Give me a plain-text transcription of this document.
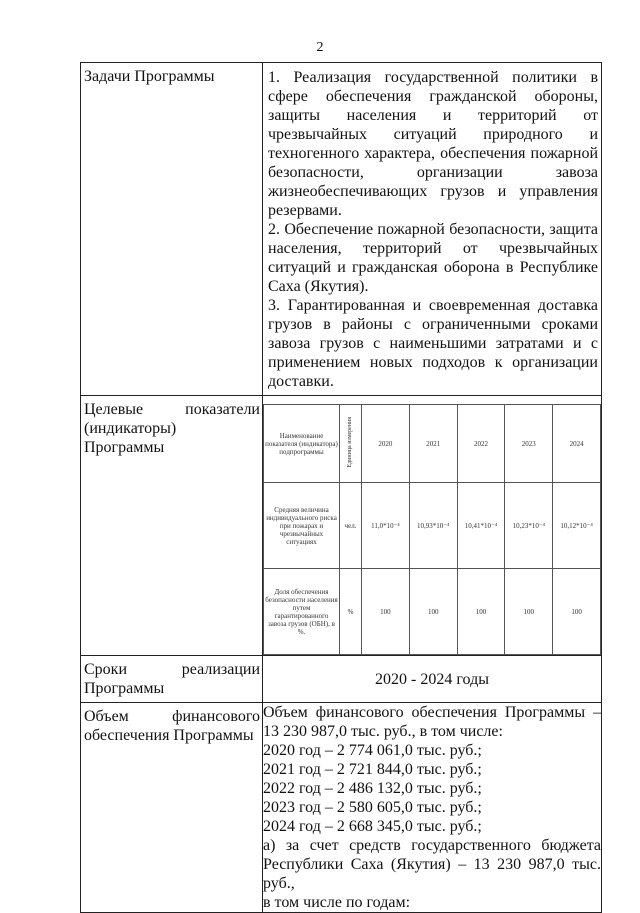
2
Задачи Программы	1. Реализация государственной политики в сфере обеспечения гражданской обороны, защиты населения и территорий от чрезвычайных ситуаций природного и техногенного характера, обеспечения пожарной безопасности, организации завоза жизнеобеспечивающих грузов и управления резервами.

2. Обеспечение пожарной безопасности, защита населения, территорий от чрезвычайных ситуаций и гражданская оборона в Республике Саха (Якутия).

3. Гарантированная и своевременная доставка грузов в районы с ограниченными сроками завоза грузов с наименьшими затратами и с применением новых подходов к организации доставки.

Целевые показатели
(индикаторы) Программы

Наименование показателя (индикатора) подпрограммы	Единица измерения	2020	2021	2022	2023	2024
Средняя величина индивидуального риска при пожарах и чрезвычайных ситуациях	чел.	11,0*10⁻⁴	10,93*10⁻⁴	10,41*10⁻⁴	10,23*10⁻⁴	10,12*10⁻⁴
Доля обеспечения безопасности населения путем гарантированного завоза грузов (ОБН), в %.	%	100	100	100	100	100

Сроки реализации
Программы
	2020 - 2024 годы

Объем финансового
обеспечения Программы

Объем финансового обеспечения Программы –
13 230 987,0 тыс. руб., в том числе:
2020 год – 2 774 061,0 тыс. руб.;
2021 год – 2 721 844,0 тыс. руб.;
2022 год – 2 486 132,0 тыс. руб.;
2023 год – 2 580 605,0 тыс. руб.;
2024 год – 2 668 345,0 тыс. руб.;
а) за счет средств государственного бюджета
Республики Саха (Якутия) – 13 230 987,0 тыс. руб.,
в том числе по годам:
